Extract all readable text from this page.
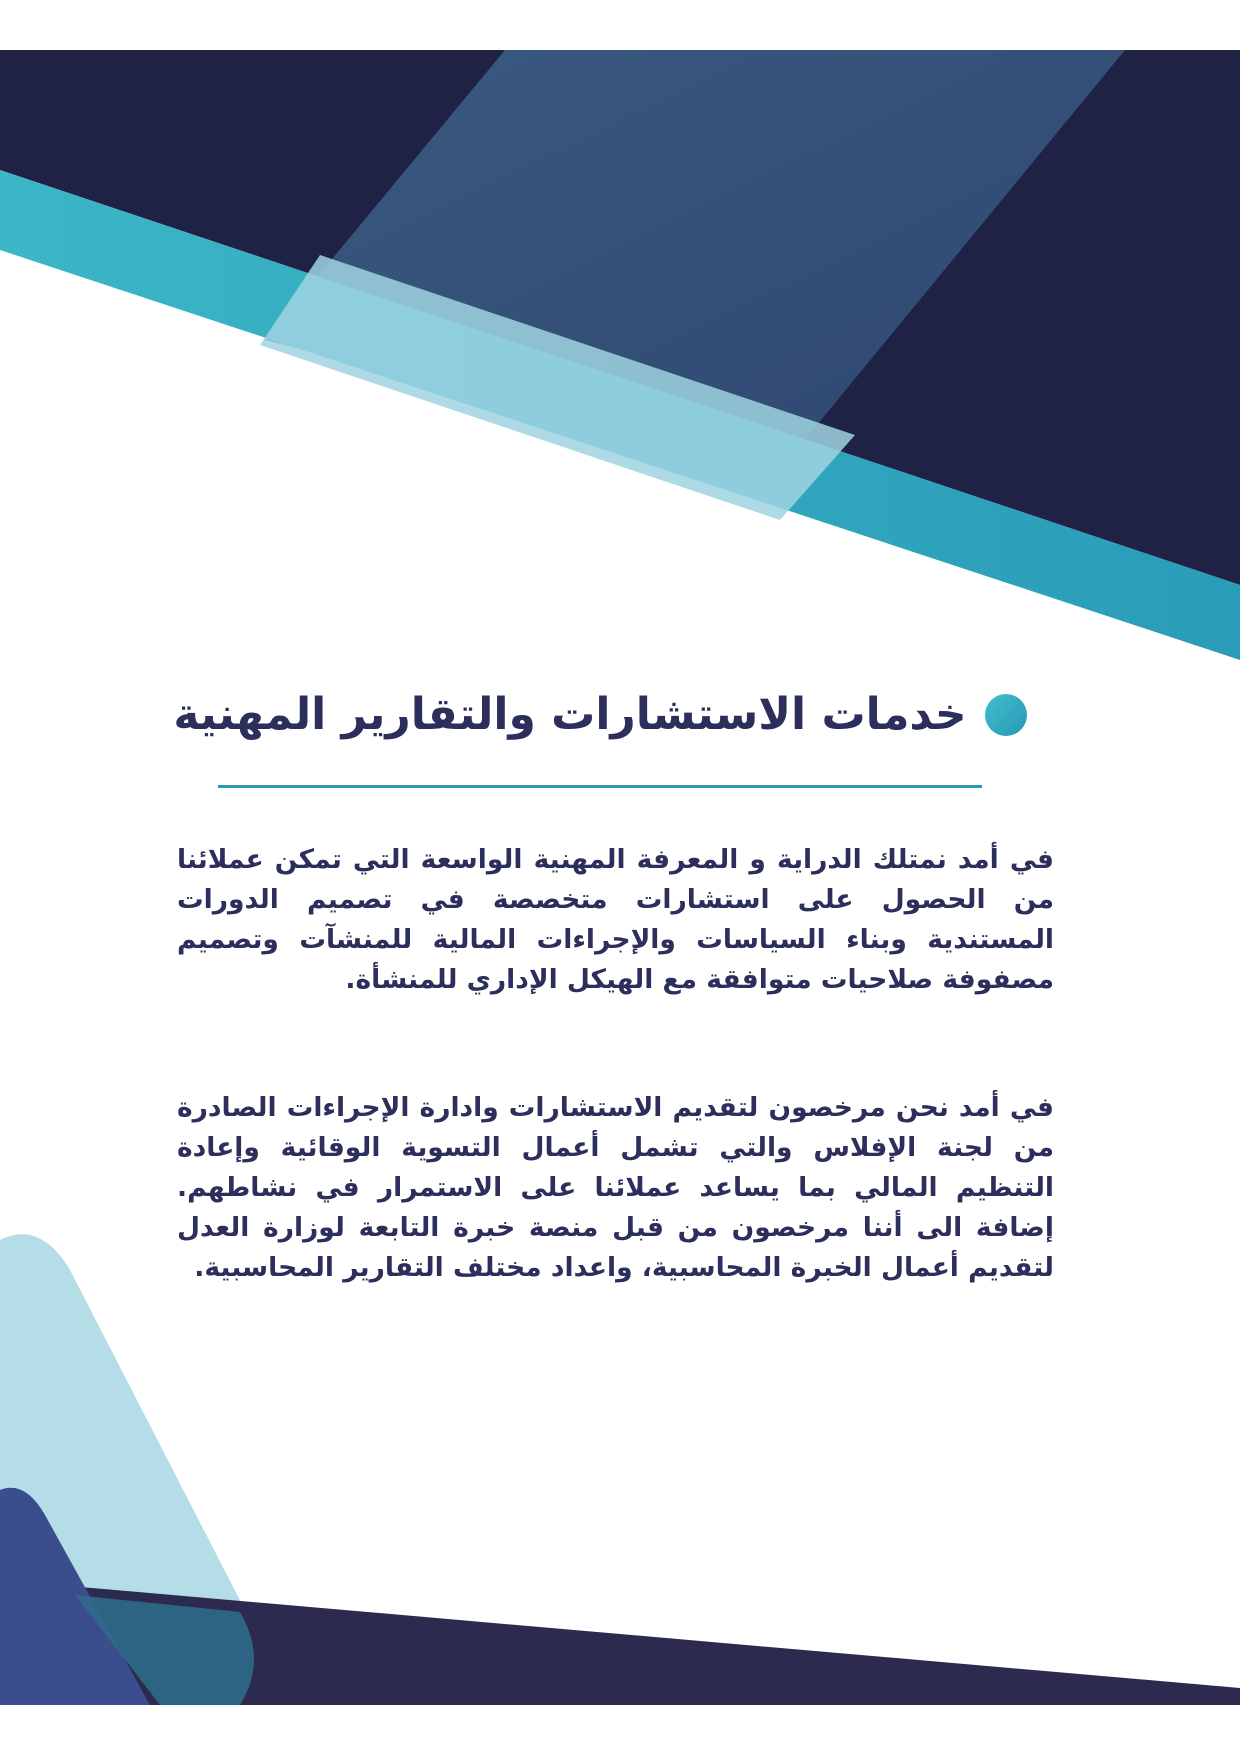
خدمات الاستشارات والتقارير المهنية

في أمد نمتلك الدراية و المعرفة المهنية الواسعة التي تمكن عملائنا من الحصول على استشارات متخصصة في تصميم الدورات المستندية وبناء السياسات والإجراءات المالية للمنشآت وتصميم مصفوفة صلاحيات متوافقة مع الهيكل الإداري للمنشأة.

في أمد نحن مرخصون لتقديم الاستشارات وادارة الإجراءات الصادرة من لجنة الإفلاس والتي تشمل أعمال التسوية الوقائية وإعادة التنظيم المالي بما يساعد عملائنا على الاستمرار في نشاطهم. إضافة الى أننا مرخصون من قبل منصة خبرة التابعة لوزارة العدل لتقديم أعمال الخبرة المحاسبية، واعداد مختلف التقارير المحاسبية.
